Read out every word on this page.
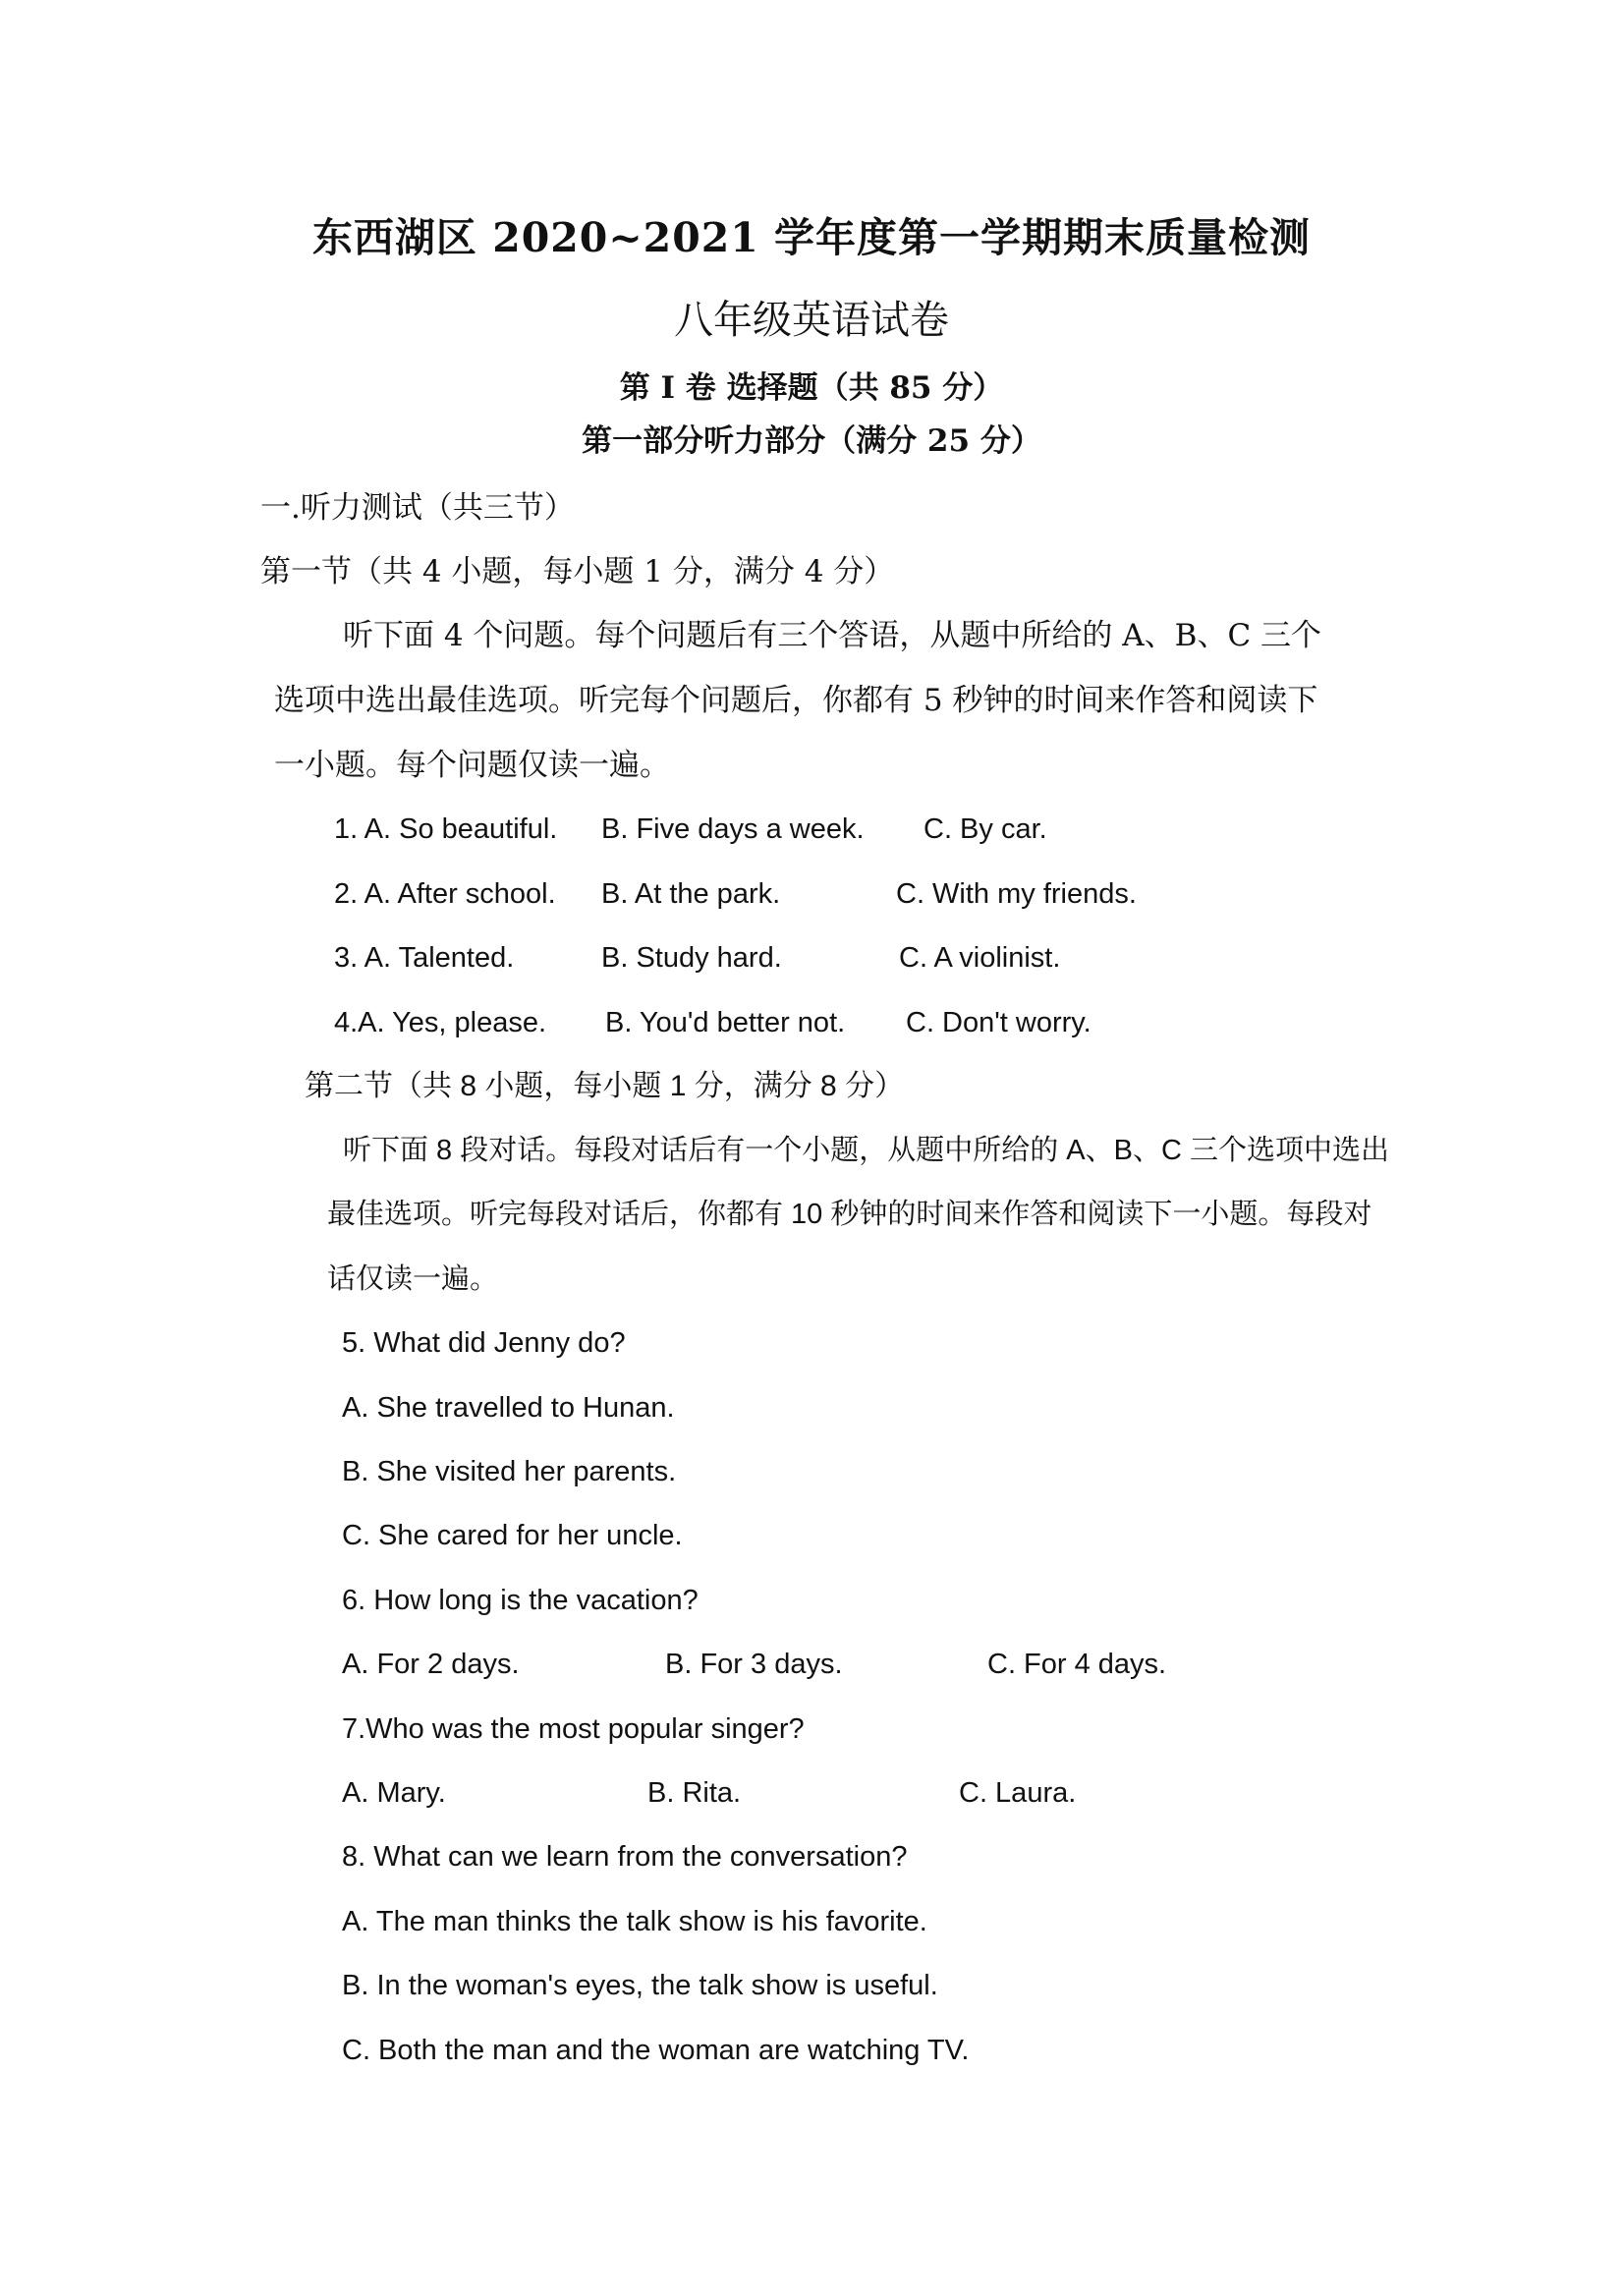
东西湖区 2020~2021 学年度第一学期期末质量检测
八年级英语试卷
第 I 卷 选择题（共 85 分）
第一部分听力部分（满分 25 分）
一.听力测试（共三节）
第一节（共 4 小题，每小题 1 分，满分 4 分）
听下面 4 个问题。每个问题后有三个答语，从题中所给的 A、B、C 三个
选项中选出最佳选项。听完每个问题后，你都有 5 秒钟的时间来作答和阅读下
一小题。每个问题仅读一遍。
1. A. So beautiful. B. Five days a week. C. By car.
2. A. After school. B. At the park.	C. With my friends.
3. A. Talented.	B. Study hard.	C. A violinist.
4.A. Yes, please. B. You'd better not. C. Don't worry.
第二节（共 8 小题，每小题 1 分，满分 8 分）
听下面 8 段对话。每段对话后有一个小题，从题中所给的 A、B、C 三个选项中选出
最佳选项。听完每段对话后，你都有 10 秒钟的时间来作答和阅读下一小题。每段对
话仅读一遍。
5. What did Jenny do?
A. She travelled to Hunan.
B. She visited her parents.
C. She cared for her uncle.
6. How long is the vacation?
A. For 2 days.	B. For 3 days.	C. For 4 days.
7.Who was the most popular singer?
A. Mary.	B. Rita.	C. Laura.
8. What can we learn from the conversation?
A. The man thinks the talk show is his favorite.
B. In the woman's eyes, the talk show is useful.
C. Both the man and the woman are watching TV.
